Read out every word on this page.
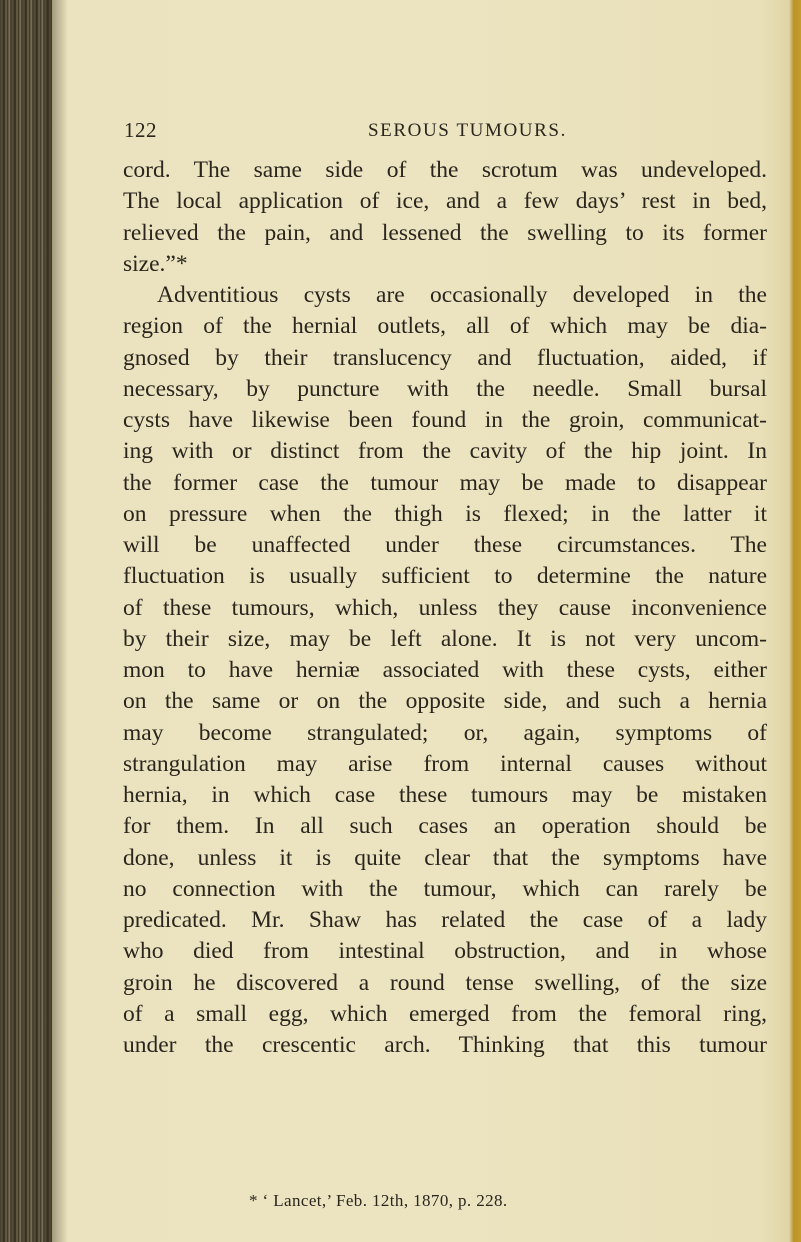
122	SEROUS TUMOURS.
cord. The same side of the scrotum was undeveloped.
The local application of ice, and a few days’ rest in bed,
relieved the pain, and lessened the swelling to its former
size.”*
Adventitious cysts are occasionally developed in the
region of the hernial outlets, all of which may be dia-
gnosed by their translucency and fluctuation, aided, if
necessary, by puncture with the needle. Small bursal
cysts have likewise been found in the groin, communicat-
ing with or distinct from the cavity of the hip joint. In
the former case the tumour may be made to disappear
on pressure when the thigh is flexed; in the latter it
will be unaffected under these circumstances. The
fluctuation is usually sufficient to determine the nature
of these tumours, which, unless they cause inconvenience
by their size, may be left alone. It is not very uncom-
mon to have herniæ associated with these cysts, either
on the same or on the opposite side, and such a hernia
may become strangulated; or, again, symptoms of
strangulation may arise from internal causes without
hernia, in which case these tumours may be mistaken
for them. In all such cases an operation should be
done, unless it is quite clear that the symptoms have
no connection with the tumour, which can rarely be
predicated. Mr. Shaw has related the case of a lady
who died from intestinal obstruction, and in whose
groin he discovered a round tense swelling, of the size
of a small egg, which emerged from the femoral ring,
under the crescentic arch. Thinking that this tumour
* ‘ Lancet,’ Feb. 12th, 1870, p. 228.
